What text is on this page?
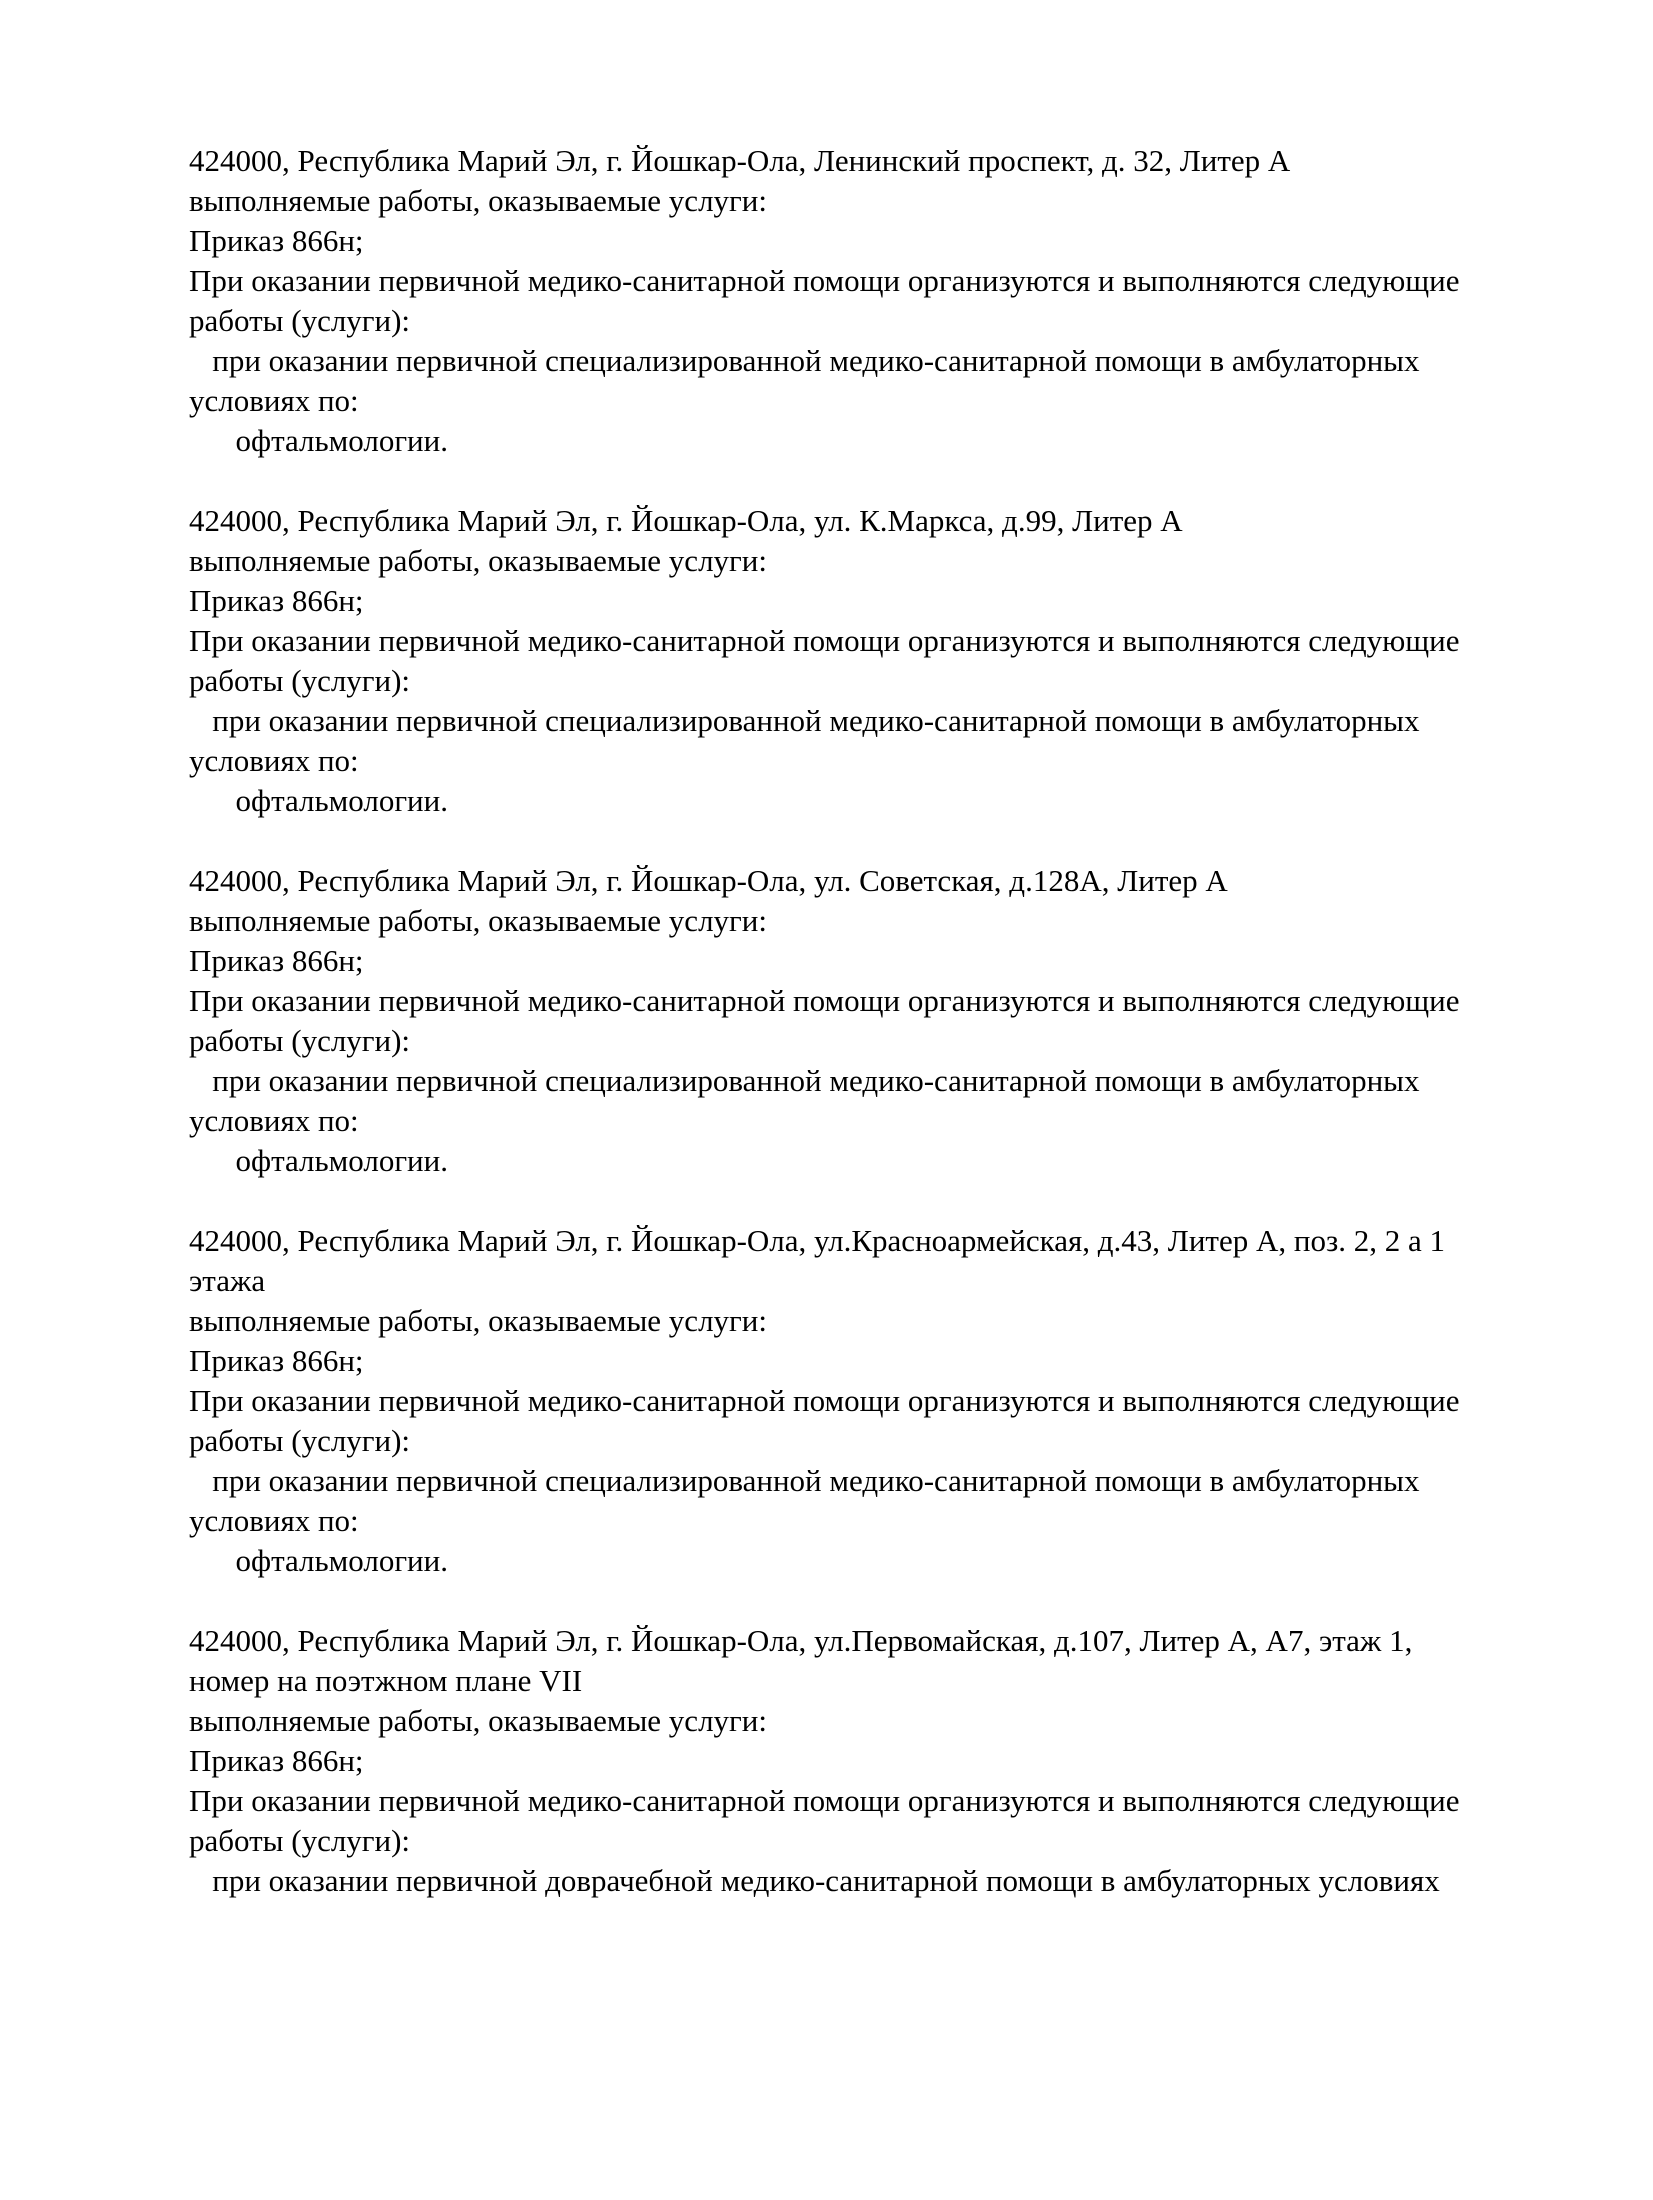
424000, Республика Марий Эл, г. Йошкар-Ола, Ленинский проспект, д. 32, Литер А
выполняемые работы, оказываемые услуги:
Приказ 866н;
При оказании первичной медико-санитарной помощи организуются и выполняются следующие
работы (услуги):
при оказании первичной специализированной медико-санитарной помощи в амбулаторных
условиях по:
офтальмологии.
424000, Республика Марий Эл, г. Йошкар-Ола, ул. К.Маркса, д.99, Литер А
выполняемые работы, оказываемые услуги:
Приказ 866н;
При оказании первичной медико-санитарной помощи организуются и выполняются следующие
работы (услуги):
при оказании первичной специализированной медико-санитарной помощи в амбулаторных
условиях по:
офтальмологии.
424000, Республика Марий Эл, г. Йошкар-Ола, ул. Советская, д.128А, Литер А
выполняемые работы, оказываемые услуги:
Приказ 866н;
При оказании первичной медико-санитарной помощи организуются и выполняются следующие
работы (услуги):
при оказании первичной специализированной медико-санитарной помощи в амбулаторных
условиях по:
офтальмологии.
424000, Республика Марий Эл, г. Йошкар-Ола, ул.Красноармейская, д.43, Литер А, поз. 2, 2 а 1
этажа
выполняемые работы, оказываемые услуги:
Приказ 866н;
При оказании первичной медико-санитарной помощи организуются и выполняются следующие
работы (услуги):
при оказании первичной специализированной медико-санитарной помощи в амбулаторных
условиях по:
офтальмологии.
424000, Республика Марий Эл, г. Йошкар-Ола, ул.Первомайская, д.107, Литер А, А7, этаж 1,
номер на поэтжном плане VII
выполняемые работы, оказываемые услуги:
Приказ 866н;
При оказании первичной медико-санитарной помощи организуются и выполняются следующие
работы (услуги):
при оказании первичной доврачебной медико-санитарной помощи в амбулаторных условиях
